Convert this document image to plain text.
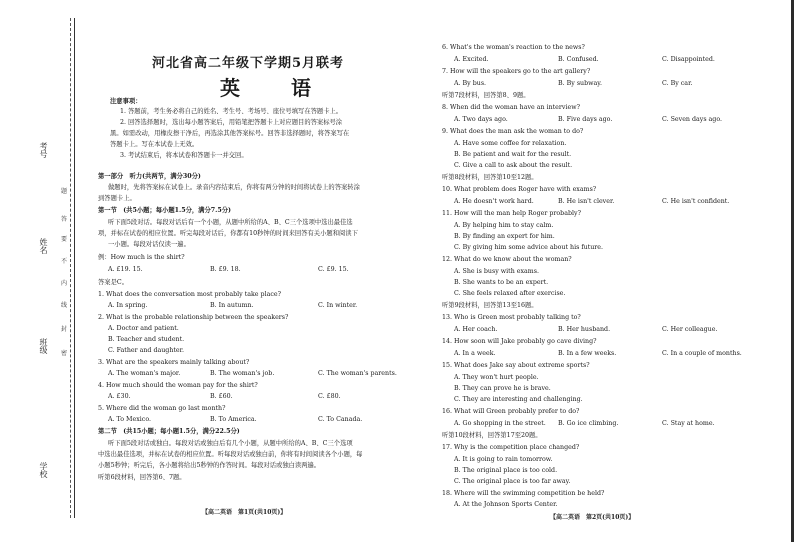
考号
姓名
班级
学校
题
答
要
不
内
线
封
密
河北省高二年级下学期5月联考
英 语
注意事项：
1. 答题前，考生务必将自己的姓名、考生号、考场号、座位号填写在答题卡上。
2. 回答选择题时，选出每小题答案后，用铅笔把答题卡上对应题目的答案标号涂
黑。如需改动，用橡皮擦干净后，再选涂其他答案标号。回答非选择题时，将答案写在
答题卡上。写在本试卷上无效。
3. 考试结束后，将本试卷和答题卡一并交回。
第一部分　听力(共两节，满分30分)
做题时，先将答案标在试卷上。录音内容结束后，你将有两分钟的时间将试卷上的答案转涂
到答题卡上。
第一节　(共5小题；每小题1.5分，满分7.5分)
听下面5段对话。每段对话后有一个小题，从题中所给的A、B、C三个选项中选出最佳选
项，并标在试卷的相应位置。听完每段对话后，你都有10秒钟的时间来回答有关小题和阅读下
一小题。每段对话仅读一遍。
例：How much is the shirt?
A. £19. 15.	B. £9. 18.	C. £9. 15.
答案是C。
1. What does the conversation most probably take place?
A. In spring.	B. In autumn.	C. In winter.
2. What is the probable relationship between the speakers?
A. Doctor and patient.
B. Teacher and student.
C. Father and daughter.
3. What are the speakers mainly talking about?
A. The woman's major.	B. The woman's job.	C. The woman's parents.
4. How much should the woman pay for the shirt?
A. £30.	B. £60.	C. £80.
5. Where did the woman go last month?
A. To Mexico.	B. To America.	C. To Canada.
第二节　(共15小题；每小题1.5分，满分22.5分)
听下面5段对话或独白。每段对话或独白后有几个小题，从题中所给的A、B、C三个选项
中选出最佳选项，并标在试卷的相应位置。听每段对话或独白前，你将有时间阅读各个小题，每
小题5秒钟；听完后，各小题将给出5秒钟的作答时间。每段对话或独白读两遍。
听第6段材料，回答第6、7题。
【高二英语　第1页(共10页)】
6. What's the woman's reaction to the news?
A. Excited.	B. Confused.	C. Disappointed.
7. How will the speakers go to the art gallery?
A. By bus.	B. By subway.	C. By car.
听第7段材料，回答第8、9题。
8. When did the woman have an interview?
A. Two days ago.	B. Five days ago.	C. Seven days ago.
9. What does the man ask the woman to do?
A. Have some coffee for relaxation.
B. Be patient and wait for the result.
C. Give a call to ask about the result.
听第8段材料，回答第10至12题。
10. What problem does Roger have with exams?
A. He doesn't work hard.	B. He isn't clever.	C. He isn't confident.
11. How will the man help Roger probably?
A. By helping him to stay calm.
B. By finding an expert for him.
C. By giving him some advice about his future.
12. What do we know about the woman?
A. She is busy with exams.
B. She wants to be an expert.
C. She feels relaxed after exercise.
听第9段材料，回答第13至16题。
13. Who is Green most probably talking to?
A. Her coach.	B. Her husband.	C. Her colleague.
14. How soon will Jake probably go cave diving?
A. In a week.	B. In a few weeks.	C. In a couple of months.
15. What does Jake say about extreme sports?
A. They won't hurt people.
B. They can prove he is brave.
C. They are interesting and challenging.
16. What will Green probably prefer to do?
A. Go shopping in the street. B. Go ice climbing.	C. Stay at home.
听第10段材料，回答第17至20题。
17. Why is the competition place changed?
A. It is going to rain tomorrow.
B. The original place is too cold.
C. The original place is too far away.
18. Where will the swimming competition be held?
A. At the Johnson Sports Center.
【高二英语　第2页(共10页)】
